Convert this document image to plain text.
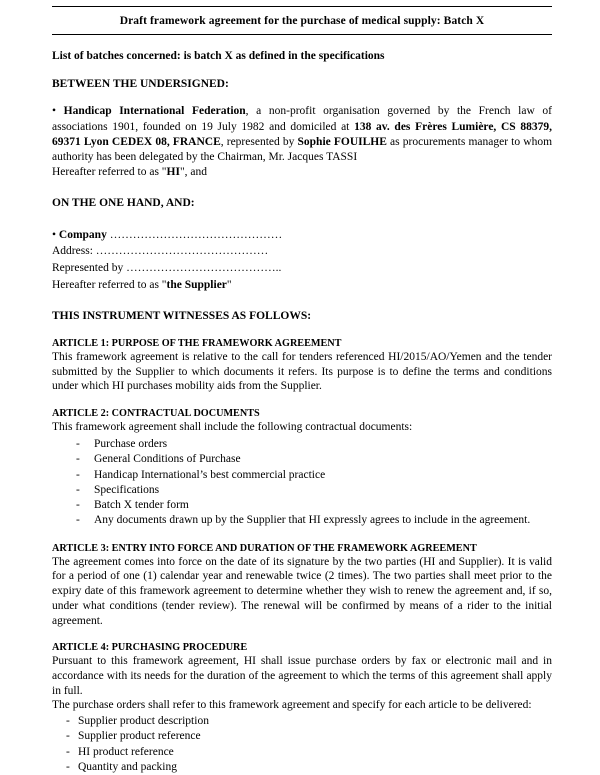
Draft framework agreement for the purchase of medical supply: Batch X

List of batches concerned: is batch X as defined in the specifications

BETWEEN THE UNDERSIGNED:

• Handicap International Federation, a non-profit organisation governed by the French law of associations 1901, founded on 19 July 1982 and domiciled at 138 av. des Frères Lumière, CS 88379, 69371 Lyon CEDEX 08, FRANCE, represented by Sophie FOUILHE as procurements manager to whom authority has been delegated by the Chairman, Mr. Jacques TASSI

Hereafter referred to as "HI", and

ON THE ONE HAND, AND:

• Company ………………………………………

Address: ………………………………………

Represented by …………………………………..

Hereafter referred to as "the Supplier"

THIS INSTRUMENT WITNESSES AS FOLLOWS:

ARTICLE 1: PURPOSE OF THE FRAMEWORK AGREEMENT

This framework agreement is relative to the call for tenders referenced HI/2015/AO/Yemen and the tender submitted by the Supplier to which documents it refers. Its purpose is to define the terms and conditions under which HI purchases mobility aids from the Supplier.

ARTICLE 2: CONTRACTUAL DOCUMENTS

This framework agreement shall include the following contractual documents:

- Purchase orders
- General Conditions of Purchase
- Handicap International’s best commercial practice
- Specifications
- Batch X tender form
- Any documents drawn up by the Supplier that HI expressly agrees to include in the agreement.

ARTICLE 3: ENTRY INTO FORCE AND DURATION OF THE FRAMEWORK AGREEMENT

The agreement comes into force on the date of its signature by the two parties (HI and Supplier). It is valid for a period of one (1) calendar year and renewable twice (2 times). The two parties shall meet prior to the expiry date of this framework agreement to determine whether they wish to renew the agreement and, if so, under what conditions (tender review). The renewal will be confirmed by means of a rider to the initial agreement.

ARTICLE 4: PURCHASING PROCEDURE

Pursuant to this framework agreement, HI shall issue purchase orders by fax or electronic mail and in accordance with its needs for the duration of the agreement to which the terms of this agreement shall apply in full.

The purchase orders shall refer to this framework agreement and specify for each article to be delivered:

- Supplier product description
- Supplier product reference
- HI product reference
- Quantity and packing
